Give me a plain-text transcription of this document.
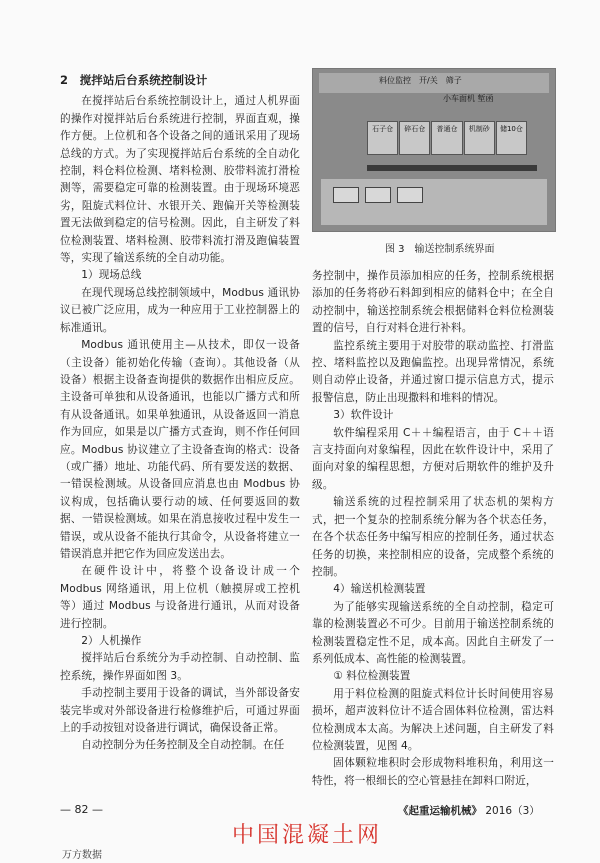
2　搅拌站后台系统控制设计

在搅拌站后台系统控制设计上，通过人机界面的操作对搅拌站后台系统进行控制，界面直观，操作方便。上位机和各个设备之间的通讯采用了现场总线的方式。为了实现搅拌站后台系统的全自动化控制，料仓料位检测、堵料检测、胶带料流打滑检测等，需要稳定可靠的检测装置。由于现场环境恶劣，阻旋式料位计、水银开关、跑偏开关等检测装置无法做到稳定的信号检测。因此，自主研发了料位检测装置、堵料检测、胶带料流打滑及跑偏装置等，实现了输送系统的全自动功能。

1）现场总线

在现代现场总线控制领域中，Modbus 通讯协议已被广泛应用，成为一种应用于工业控制器上的标准通讯。

Modbus 通讯使用主—从技术，即仅一设备（主设备）能初始化传输（查询）。其他设备（从设备）根据主设备查询提供的数据作出相应反应。主设备可单独和从设备通讯，也能以广播方式和所有从设备通讯。如果单独通讯，从设备返回一消息作为回应，如果是以广播方式查询，则不作任何回应。Modbus 协议建立了主设备查询的格式：设备（或广播）地址、功能代码、所有要发送的数据、一错误检测域。从设备回应消息也由 Modbus 协议构成，包括确认要行动的域、任何要返回的数据、一错误检测域。如果在消息接收过程中发生一错误，或从设备不能执行其命令，从设备将建立一错误消息并把它作为回应发送出去。

在硬件设计中，将整个设备设计成一个 Modbus 网络通讯，用上位机（触摸屏或工控机等）通过 Modbus 与设备进行通讯，从而对设备进行控制。

2）人机操作

搅拌站后台系统分为手动控制、自动控制、监控系统，操作界面如图 3。

手动控制主要用于设备的调试，当外部设备安装完毕或对外部设备进行检修维护后，可通过界面上的手动按钮对设备进行调试，确保设备正常。

自动控制分为任务控制及全自动控制。在任

料位监控　开/关　筛子
小车面机 堑函
石子仓	碎石仓	普通仓	机制砂	储10仓
图 3　输送控制系统界面

务控制中，操作员添加相应的任务，控制系统根据添加的任务将砂石料卸到相应的储料仓中；在全自动控制中，输送控制系统会根据储料仓料位检测装置的信号，自行对料仓进行补料。

监控系统主要用于对胶带的联动监控、打滑监控、堵料监控以及跑偏监控。出现异常情况，系统则自动停止设备，并通过窗口提示信息方式，提示报警信息，防止出现撒料和堆料的情况。

3）软件设计

软件编程采用 C＋＋编程语言，由于 C＋＋语言支持面向对象编程，因此在软件设计中，采用了面向对象的编程思想，方便对后期软件的维护及升级。

输送系统的过程控制采用了状态机的架构方式，把一个复杂的控制系统分解为各个状态任务，在各个状态任务中编写相应的控制任务，通过状态任务的切换，来控制相应的设备，完成整个系统的控制。

4）输送机检测装置

为了能够实现输送系统的全自动控制，稳定可靠的检测装置必不可少。目前用于输送控制系统的检测装置稳定性不足，成本高。因此自主研发了一系列低成本、高性能的检测装置。

① 料位检测装置

用于料位检测的阻旋式料位计长时间使用容易损坏，超声波料位计不适合固体料位检测，雷达料位检测成本太高。为解决上述问题，自主研发了料位检测装置，见图 4。

固体颗粒堆积时会形成物料堆积角，利用这一特性，将一根细长的空心管悬挂在卸料口附近，

— 82 —	《起重运输机械》 2016（3）
中国混凝土网
万方数据
